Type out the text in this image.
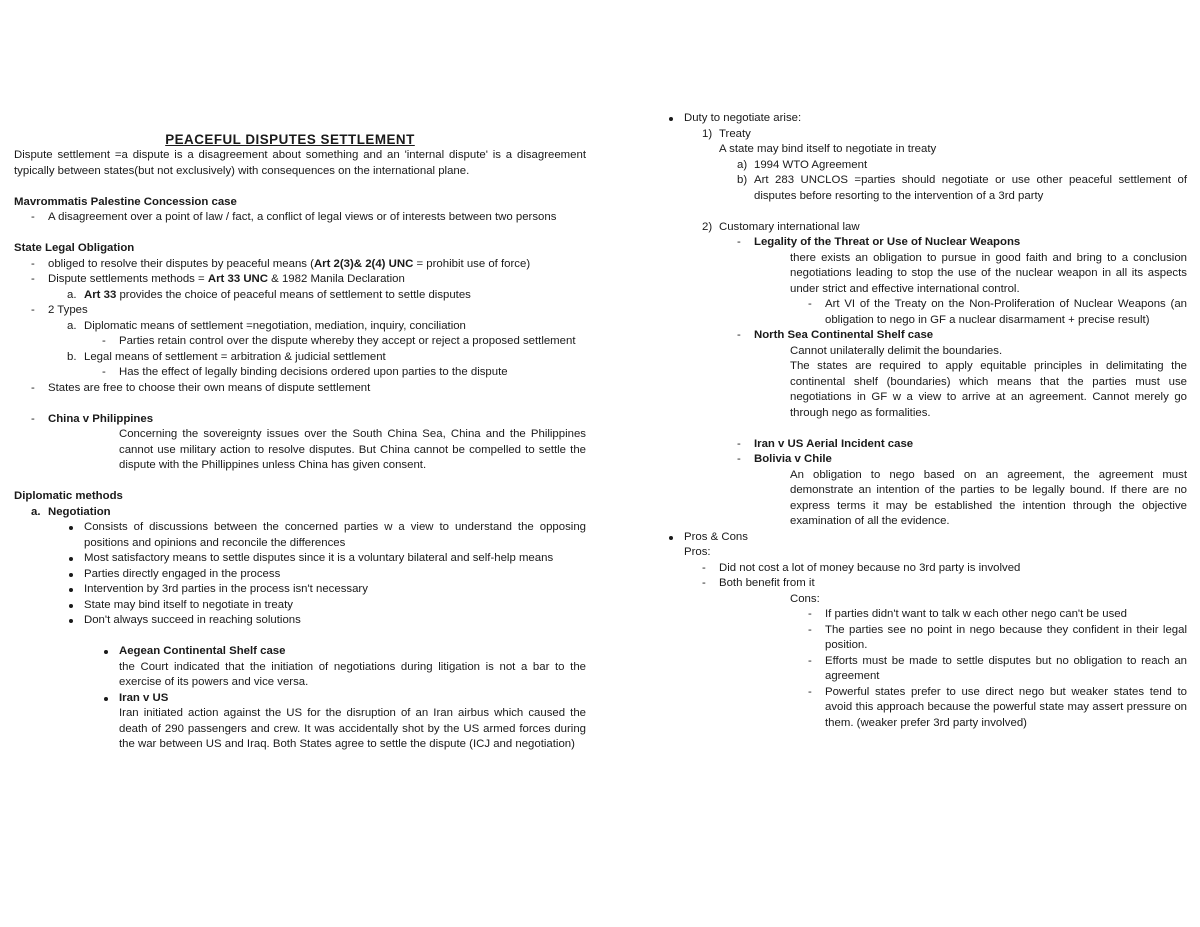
PEACEFUL DISPUTES SETTLEMENT
Dispute settlement =a dispute is a disagreement about something and an 'internal dispute' is a disagreement typically between states(but not exclusively) with consequences on the international plane.
Mavrommatis Palestine Concession case
- A disagreement over a point of law / fact, a conflict of legal views or of interests between two persons
State Legal Obligation
- obliged to resolve their disputes by peaceful means (Art 2(3)& 2(4) UNC = prohibit use of force)
- Dispute settlements methods = Art 33 UNC & 1982 Manila Declaration
a. Art 33 provides the choice of peaceful means of settlement to settle disputes
- 2 Types
a. Diplomatic means of settlement =negotiation, mediation, inquiry, conciliation
- Parties retain control over the dispute whereby they accept or reject a proposed settlement
b. Legal means of settlement = arbitration & judicial settlement
- Has the effect of legally binding decisions ordered upon parties to the dispute
- States are free to choose their own means of dispute settlement
- China v Philippines
Concerning the sovereignty issues over the South China Sea, China and the Philippines cannot use military action to resolve disputes. But China cannot be compelled to settle the dispute with the Phillippines unless China has given consent.
Diplomatic methods
a. Negotiation
Consists of discussions between the concerned parties w a view to understand the opposing positions and opinions and reconcile the differences
Most satisfactory means to settle disputes since it is a voluntary bilateral and self-help means
Parties directly engaged in the process
Intervention by 3rd parties in the process isn't necessary
State may bind itself to negotiate in treaty
Don't always succeed in reaching solutions
Aegean Continental Shelf case
the Court indicated that the initiation of negotiations during litigation is not a bar to the exercise of its powers and vice versa.
Iran v US
Iran initiated action against the US for the disruption of an Iran airbus which caused the death of 290 passengers and crew. It was accidentally shot by the US armed forces during the war between US and Iraq. Both States agree to settle the dispute (ICJ and negotiation)
Duty to negotiate arise:
1) Treaty
A state may bind itself to negotiate in treaty
a) 1994 WTO Agreement
b) Art 283 UNCLOS =parties should negotiate or use other peaceful settlement of disputes before resorting to the intervention of a 3rd party
2) Customary international law
- Legality of the Threat or Use of Nuclear Weapons
there exists an obligation to pursue in good faith and bring to a conclusion negotiations leading to stop the use of the nuclear weapon in all its aspects under strict and effective international control.
- Art VI of the Treaty on the Non-Proliferation of Nuclear Weapons (an obligation to nego in GF a nuclear disarmament + precise result)
- North Sea Continental Shelf case
Cannot unilaterally delimit the boundaries.
The states are required to apply equitable principles in delimitating the continental shelf (boundaries) which means that the parties must use negotiations in GF w a view to arrive at an agreement. Cannot merely go through nego as formalities.
- Iran v US Aerial Incident case
- Bolivia v Chile
An obligation to nego based on an agreement, the agreement must demonstrate an intention of the parties to be legally bound. If there are no express terms it may be established the intention through the objective examination of all the evidence.
Pros & Cons
Pros:
- Did not cost a lot of money because no 3rd party is involved
- Both benefit from it
Cons:
- If parties didn't want to talk w each other nego can't be used
- The parties see no point in nego because they confident in their legal position.
- Efforts must be made to settle disputes but no obligation to reach an agreement
- Powerful states prefer to use direct nego but weaker states tend to avoid this approach because the powerful state may assert pressure on them. (weaker prefer 3rd party involved)
